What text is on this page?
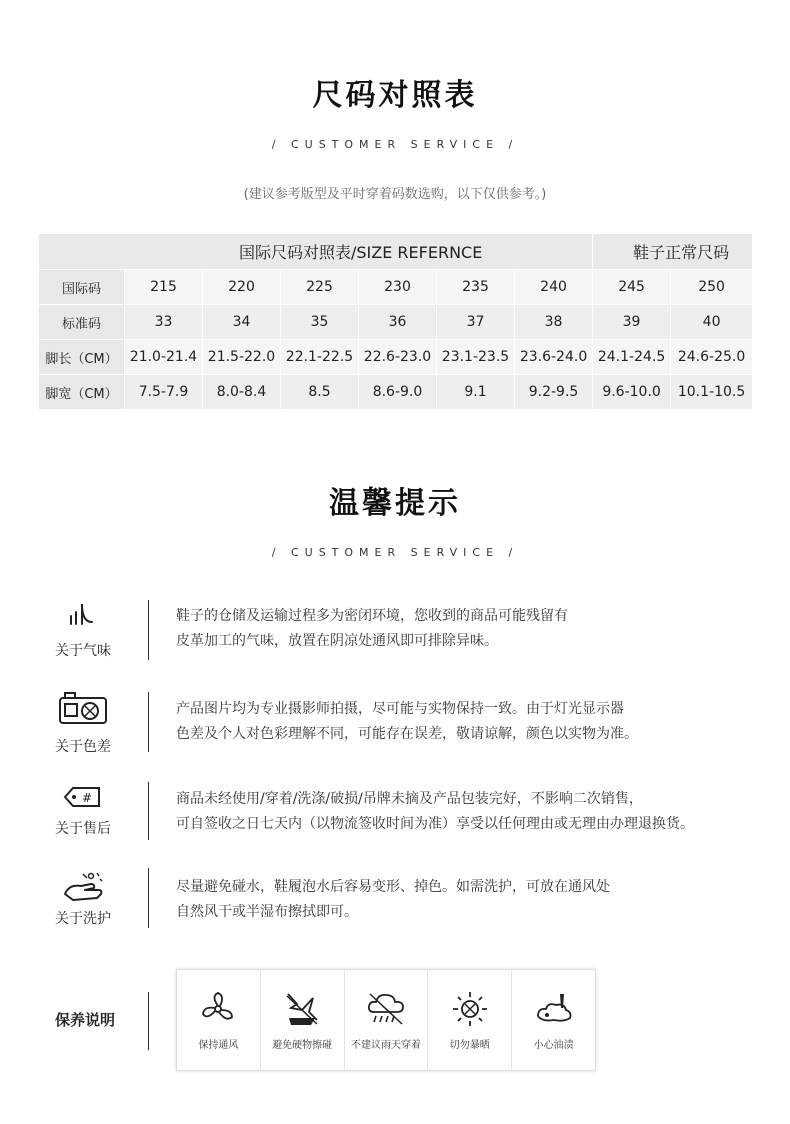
尺码对照表
/ CUSTOMER SERVICE /
(建议参考版型及平时穿着码数选购，以下仅供参考。)
国际尺码对照表/SIZE REFERNCE							鞋子正常尺码	
国际码	215	220	225	230	235	240	245	250
标准码	33	34	35	36	37	38	39	40
脚长（CM）	21.0-21.4	21.5-22.0	22.1-22.5	22.6-23.0	23.1-23.5	23.6-24.0	24.1-24.5	24.6-25.0
脚宽（CM）	7.5-7.9	8.0-8.4	8.5	8.6-9.0	9.1	9.2-9.5	9.6-10.0	10.1-10.5
温馨提示
/ CUSTOMER SERVICE /
关于气味
鞋子的仓储及运输过程多为密闭环境，您收到的商品可能残留有
皮革加工的气味，放置在阴凉处通风即可排除异味。
关于色差
产品图片均为专业摄影师拍摄，尽可能与实物保持一致。由于灯光显示器
色差及个人对色彩理解不同，可能存在误差，敬请谅解，颜色以实物为准。
#
关于售后
商品未经使用/穿着/洗涤/破损/吊牌未摘及产品包装完好，不影响二次销售，
可自签收之日七天内（以物流签收时间为准）享受以任何理由或无理由办理退换货。
关于洗护
尽量避免碰水，鞋履泡水后容易变形、掉色。如需洗护，可放在通风处
自然风干或半湿布擦拭即可。
保养说明
保持通风	避免硬物擦碰	不建议雨天穿着	切勿暴晒	小心油渍
